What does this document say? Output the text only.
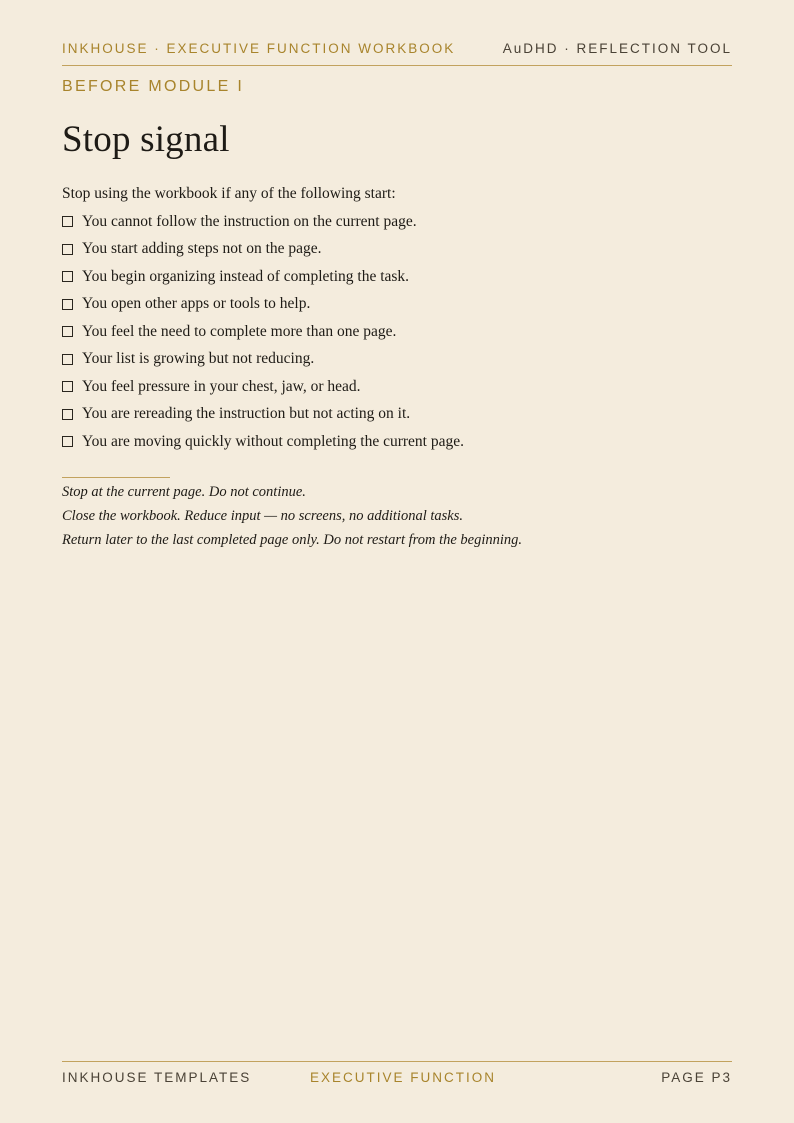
INKHOUSE · EXECUTIVE FUNCTION WORKBOOK	AuDHD · REFLECTION TOOL
BEFORE MODULE I
Stop signal
Stop using the workbook if any of the following start:
You cannot follow the instruction on the current page.
You start adding steps not on the page.
You begin organizing instead of completing the task.
You open other apps or tools to help.
You feel the need to complete more than one page.
Your list is growing but not reducing.
You feel pressure in your chest, jaw, or head.
You are rereading the instruction but not acting on it.
You are moving quickly without completing the current page.
Stop at the current page. Do not continue.
Close the workbook. Reduce input — no screens, no additional tasks.
Return later to the last completed page only. Do not restart from the beginning.
INKHOUSE TEMPLATES	EXECUTIVE FUNCTION	PAGE P3
